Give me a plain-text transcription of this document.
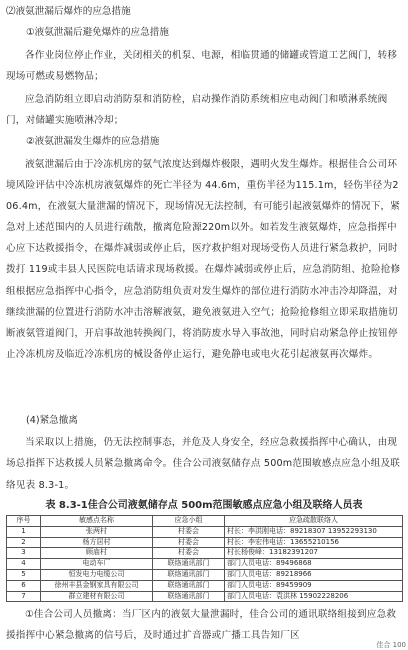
⑵液氨泄漏后爆炸的应急措施
①液氨泄漏后避免爆炸的应急措施

各作业岗位停止作业，关闭相关的机泵、电源，相临贯通的储罐或管道工艺阀门，转移现场可燃或易燃物品；

应急消防组立即启动消防泵和消防栓，启动操作消防系统相应电动阀门和喷淋系统阀门，对储罐实施喷淋冷却；

②液氨泄漏发生爆炸的应急措施

液氨泄漏后由于冷冻机房的氨气浓度达到爆炸极限，遇明火发生爆炸。根据佳合公司环境风险评估中冷冻机房液氨爆炸的死亡半径为 44.6m，重伤半径为115.1m，轻伤半径为206.4m，在液氨大量泄漏的情况下，现场情况无法控制，有可能引起液氨爆炸的情况下，紧急对上述范围内的人员进行疏散，撤离危险源220m以外。如若发生液氨爆炸，应急指挥中心应下达救援指令，在爆炸减弱或停止后，医疗救护组对现场受伤人员进行紧急救护，同时拨打 119或丰县人民医院电话请求现场救援。在爆炸减弱或停止后，应急消防组、抢险抢修组根据应急指挥中心指令，应急消防组负责对发生爆炸的部位进行消防水冲击冷却降温，对继续泄漏的位置进行消防水冲击溶解液氨，避免液氨进入空气；抢险抢修组立即采取措施切断液氨管道阀门，开启事故池转换阀门，将消防废水导入事故池，同时启动紧急停止按钮停止冷冻机房及临近冷冻机房的械设备停止运行，避免静电或电火花引起液氨再次爆炸。

(4)紧急撤离

当采取以上措施，仍无法控制事态，并危及人身安全，经应急救援指挥中心确认，由现场总指挥下达救援人员紧急撤离命令。佳合公司液氨储存点 500m范围敏感点应急小组及联络见表 8.3-1。

表 8.3-1佳合公司液氨储存点 500m范围敏感点应急小组及联络人员表
序号	敏感点名称	应急小组	应急疏散联络人
1	张两村	村委会	村长：李洪刚电话：89218307 13952293130
2	杨方居村	村委会	村长：李宏伟电话：13655210156
3	顾庙村	村委会	村长杨俊峰：13182391207
4	电动车厂	联络通讯部门	部门人员电话：89496868
5	恒发电力电缆公司	联络通讯部门	部门人员电话：89218966
6	徐州丰县金钢家具有限公司	联络通讯部门	部门人员电话：89459909
7	群立建材有限公司	联络通讯部门	部门人员电话：袁洪林 15902228206

①佳合公司人员撤离：当厂区内的液氨大量泄漏时，佳合公司的通讯联络组接到应急救援指挥中心紧急撤离的信号后，及时通过扩音器或广播工具告知厂区

佳合 100
